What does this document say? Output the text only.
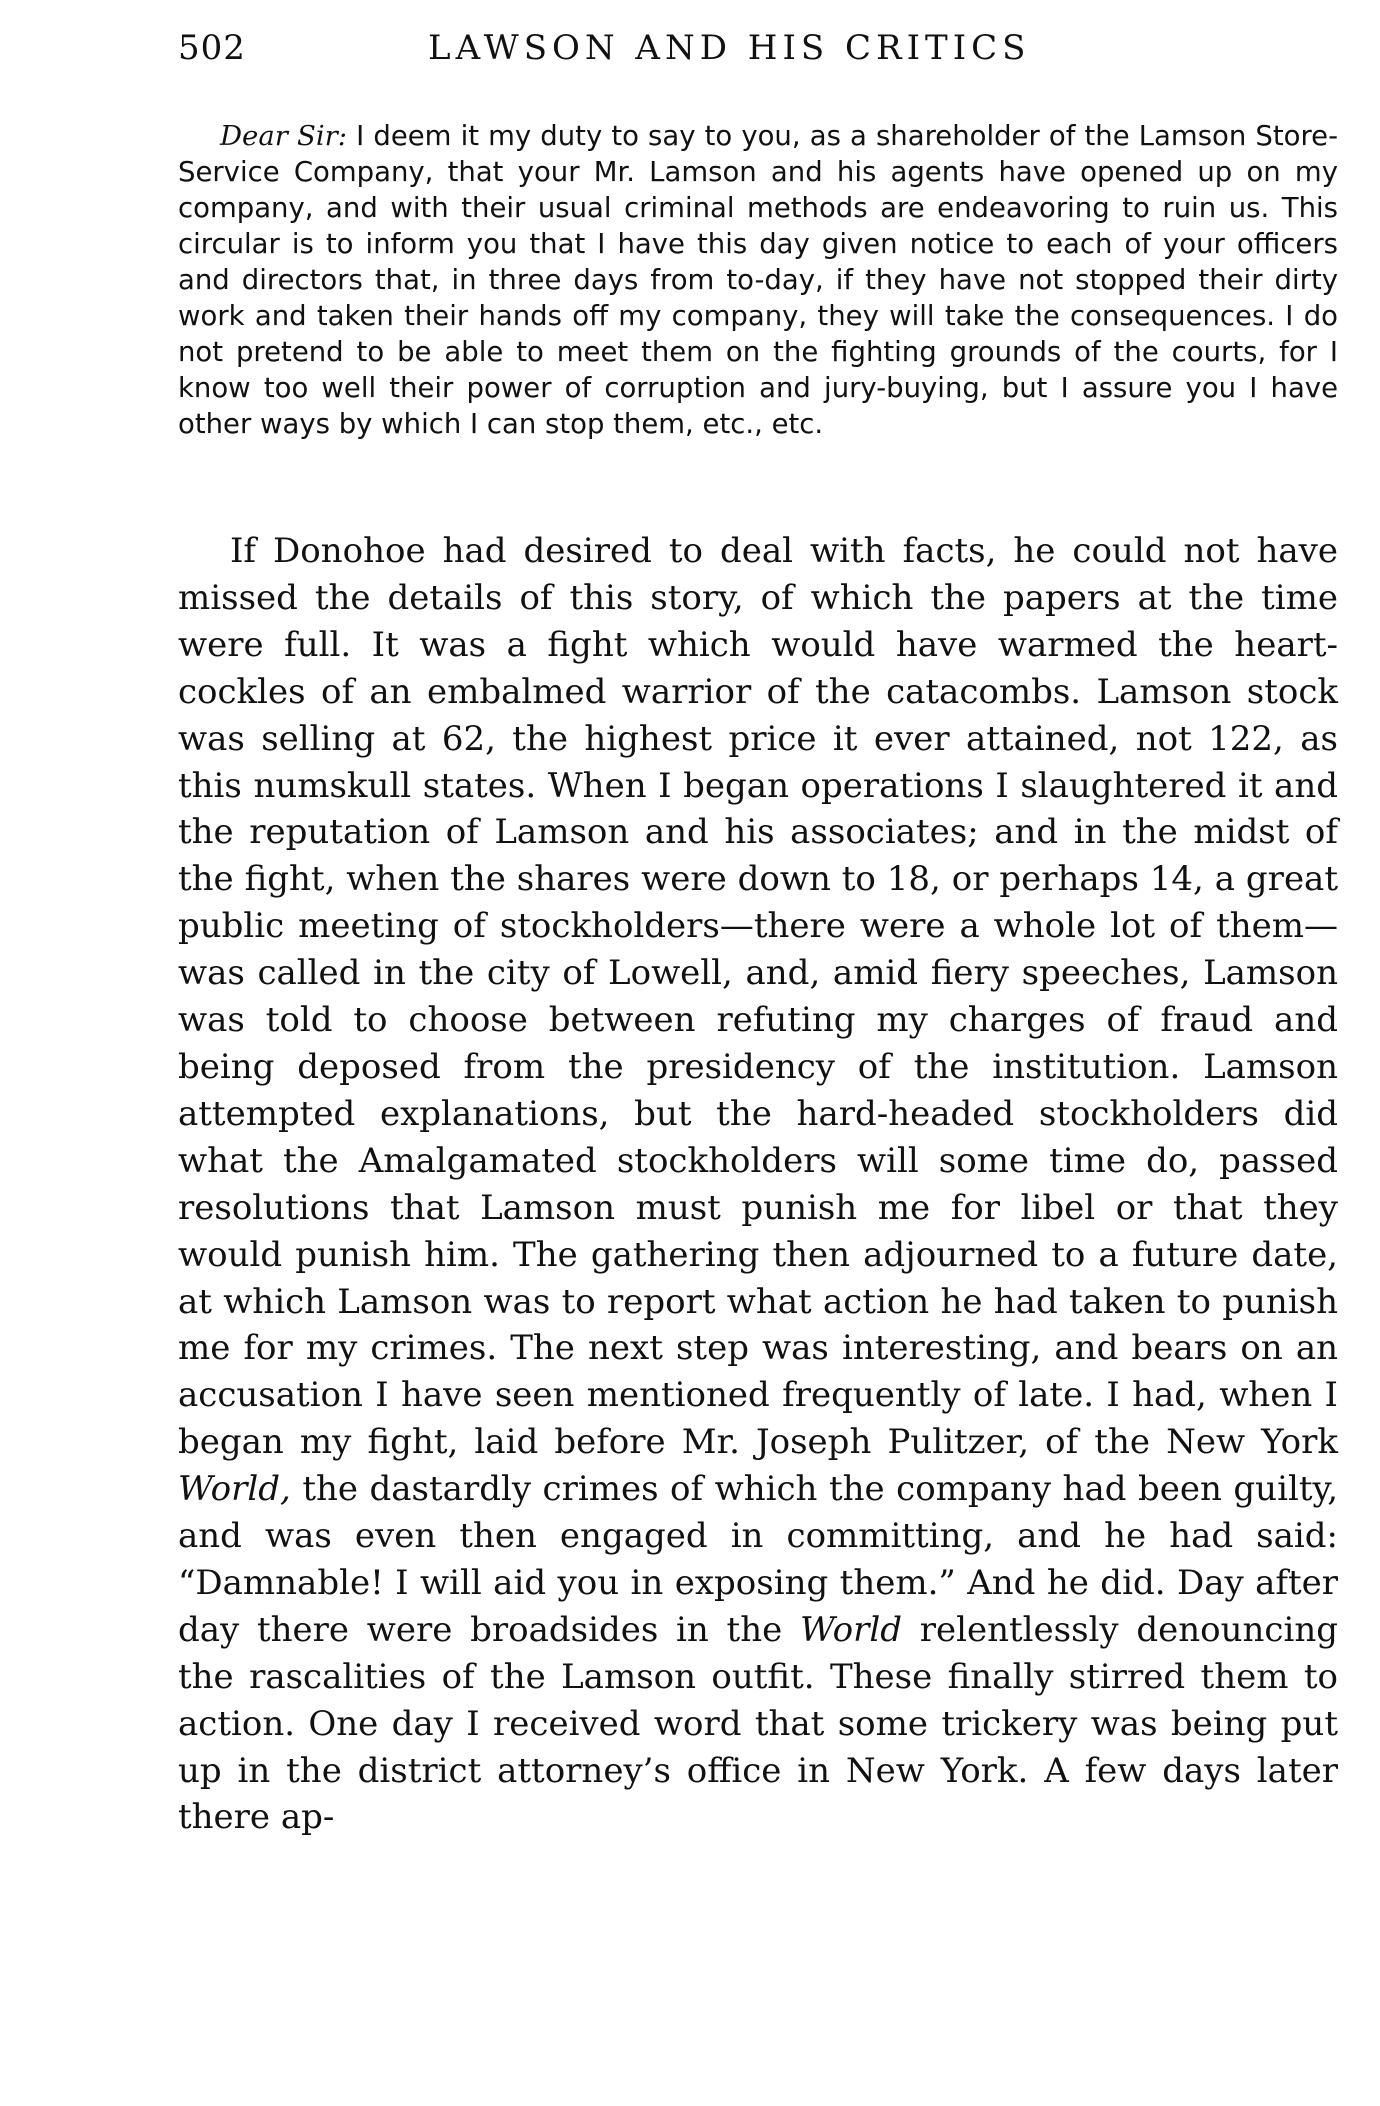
502	LAWSON AND HIS CRITICS

Dear Sir: I deem it my duty to say to you, as a shareholder of the Lamson Store-Service Company, that your Mr. Lamson and his agents have opened up on my company, and with their usual criminal methods are endeavoring to ruin us. This circular is to inform you that I have this day given notice to each of your officers and directors that, in three days from to-day, if they have not stopped their dirty work and taken their hands off my company, they will take the consequences. I do not pretend to be able to meet them on the fighting grounds of the courts, for I know too well their power of corruption and jury-buying, but I assure you I have other ways by which I can stop them, etc., etc.

If Donohoe had desired to deal with facts, he could not have missed the details of this story, of which the papers at the time were full. It was a fight which would have warmed the heart-cockles of an embalmed warrior of the catacombs. Lamson stock was selling at 62, the highest price it ever attained, not 122, as this numskull states. When I began operations I slaughtered it and the reputation of Lamson and his associates; and in the midst of the fight, when the shares were down to 18, or perhaps 14, a great public meeting of stockholders—there were a whole lot of them—was called in the city of Lowell, and, amid fiery speeches, Lamson was told to choose between refuting my charges of fraud and being deposed from the presidency of the institution. Lamson attempted explanations, but the hard-headed stockholders did what the Amalgamated stockholders will some time do, passed resolutions that Lamson must punish me for libel or that they would punish him. The gathering then adjourned to a future date, at which Lamson was to report what action he had taken to punish me for my crimes. The next step was interesting, and bears on an accusation I have seen mentioned frequently of late. I had, when I began my fight, laid before Mr. Joseph Pulitzer, of the New York World, the dastardly crimes of which the company had been guilty, and was even then engaged in committing, and he had said: “Damnable! I will aid you in exposing them.” And he did. Day after day there were broadsides in the World relentlessly denouncing the rascalities of the Lamson outfit. These finally stirred them to action. One day I received word that some trickery was being put up in the district attorney’s office in New York. A few days later there ap-
